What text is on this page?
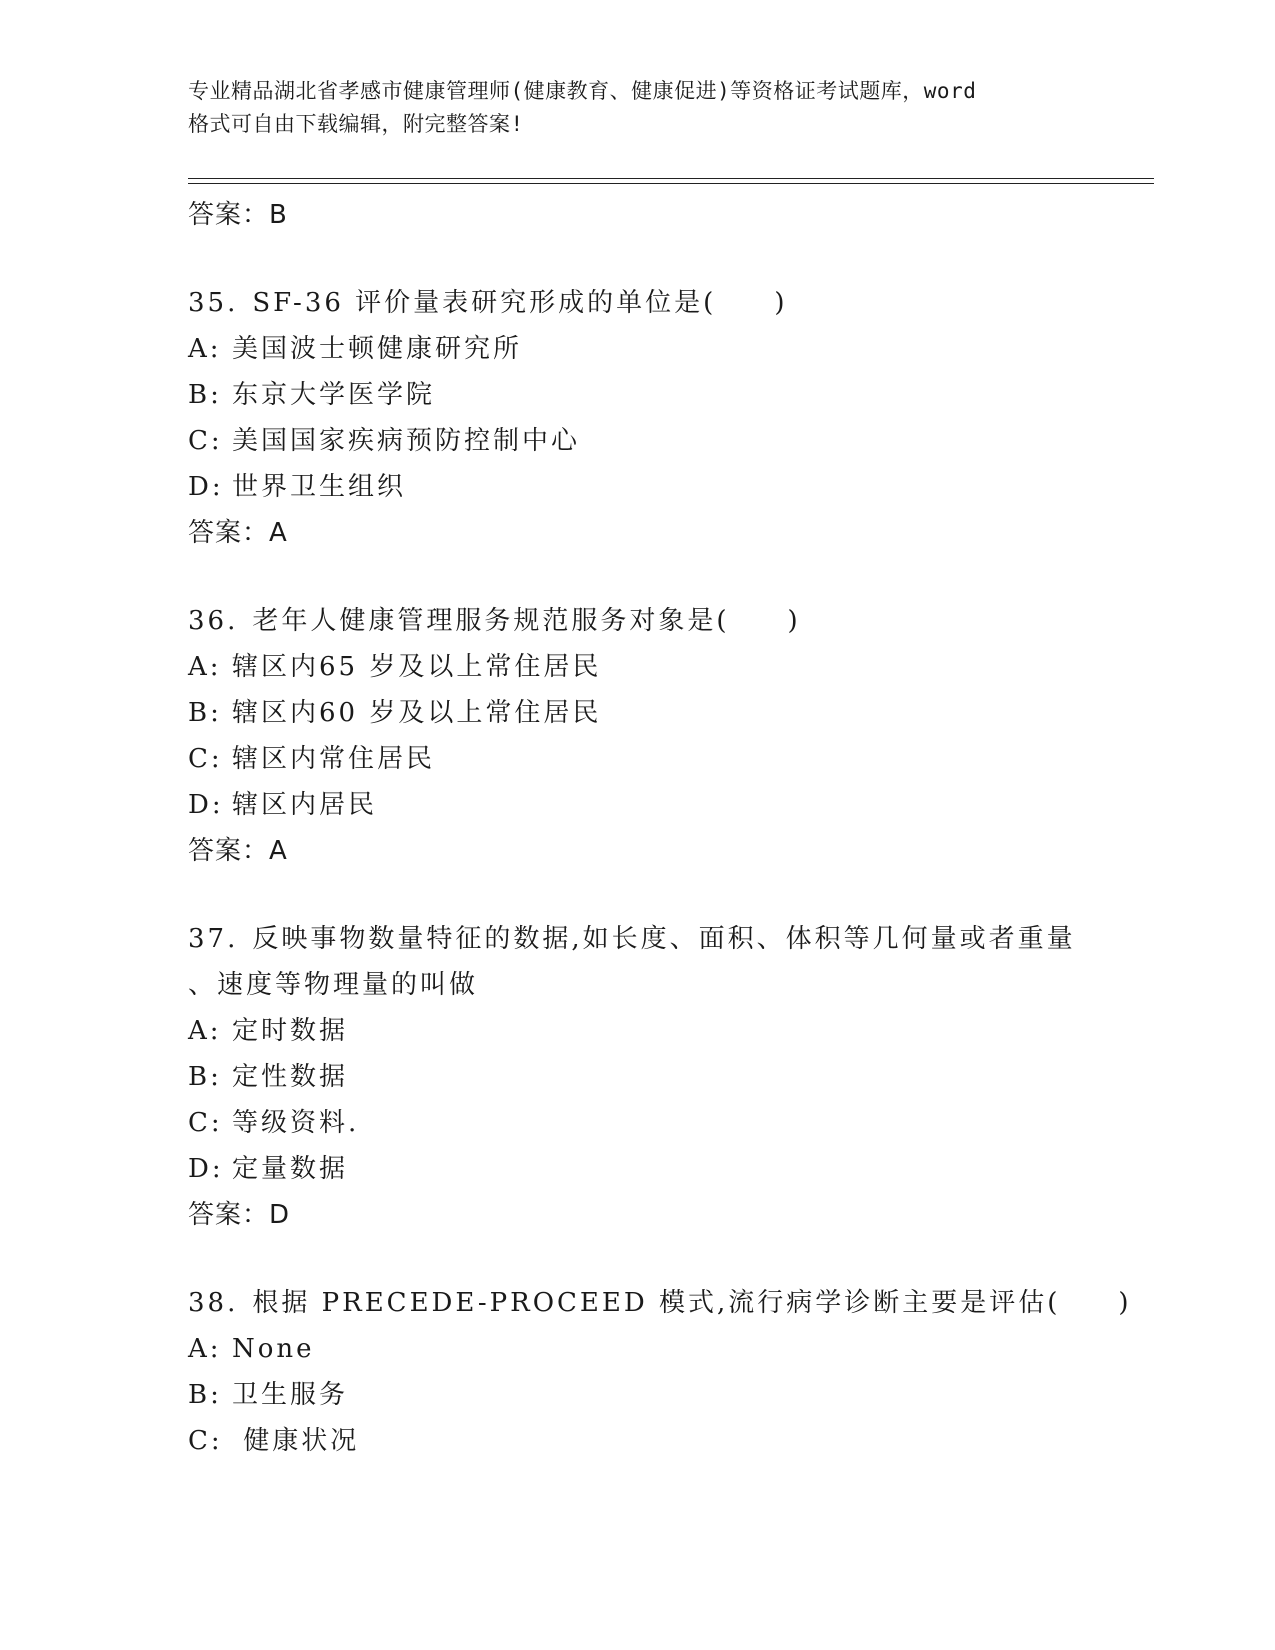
专业精品湖北省孝感市健康管理师(健康教育、健康促进)等资格证考试题库，word
格式可自由下载编辑，附完整答案!
答案：B
35. SF-36 评价量表研究形成的单位是(　　)
A: 美国波士顿健康研究所
B: 东京大学医学院
C: 美国国家疾病预防控制中心
D: 世界卫生组织
答案：A
36. 老年人健康管理服务规范服务对象是(　　)
A: 辖区内65 岁及以上常住居民
B: 辖区内60 岁及以上常住居民
C: 辖区内常住居民
D: 辖区内居民
答案：A
37. 反映事物数量特征的数据,如长度、面积、体积等几何量或者重量
、速度等物理量的叫做
A: 定时数据
B: 定性数据
C: 等级资料.
D: 定量数据
答案：D
38. 根据 PRECEDE-PROCEED 模式,流行病学诊断主要是评估(　　)
A: None
B: 卫生服务
C: 健康状况
